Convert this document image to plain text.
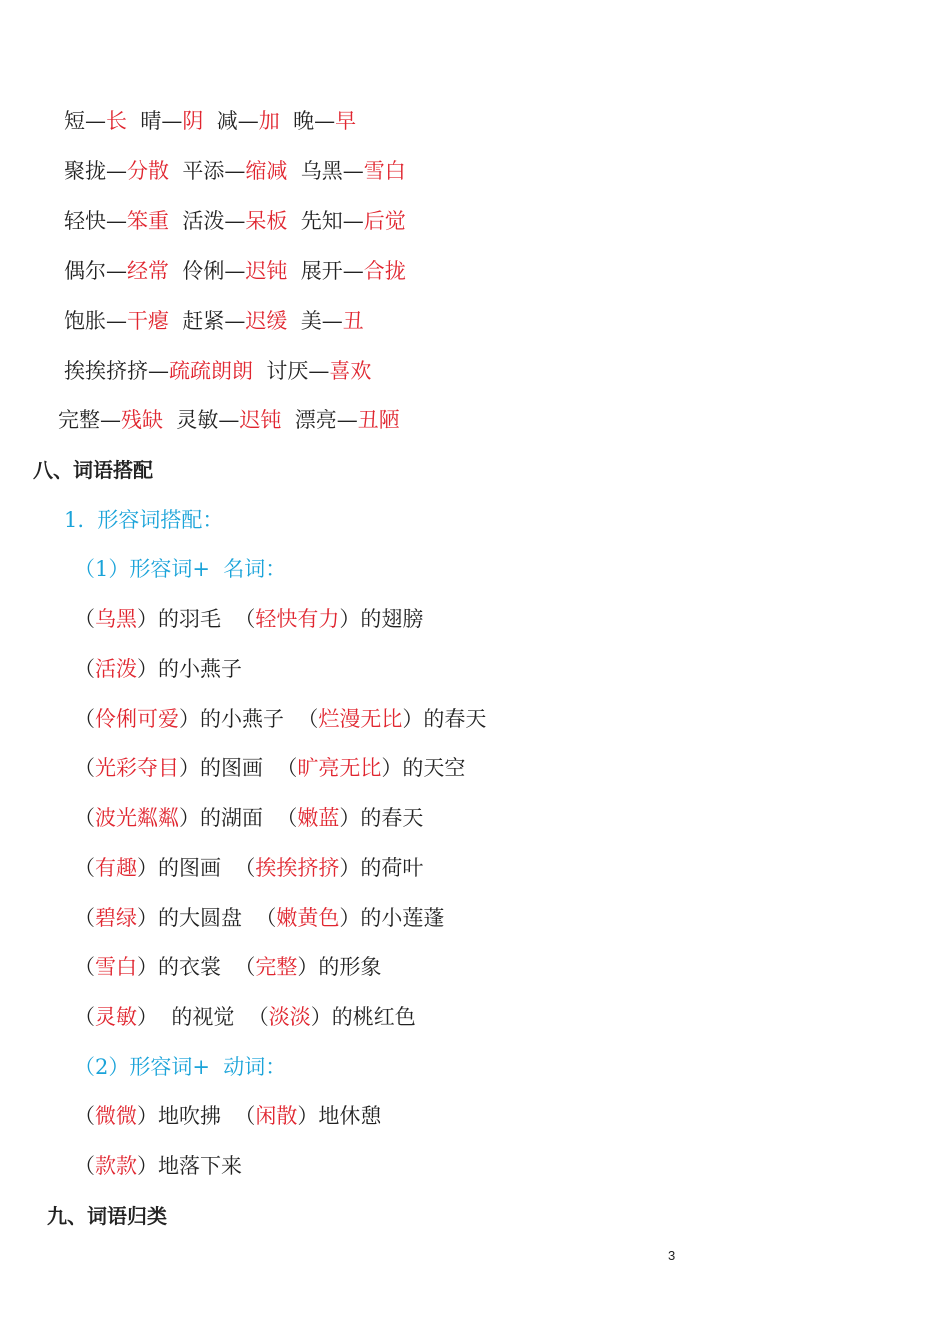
短—长  晴—阴  减—加  晚—早
聚拢—分散  平添—缩减  乌黑—雪白
轻快—笨重  活泼—呆板  先知—后觉
偶尔—经常  伶俐—迟钝  展开—合拢
饱胀—干瘪  赶紧—迟缓  美—丑
挨挨挤挤—疏疏朗朗  讨厌—喜欢
完整—残缺  灵敏—迟钝  漂亮—丑陋
八、词语搭配
1.  形容词搭配：
（1）形容词+  名词：
（乌黑）的羽毛  （轻快有力）的翅膀
（活泼）的小燕子
（伶俐可爱）的小燕子  （烂漫无比）的春天
（光彩夺目）的图画  （旷亮无比）的天空
（波光粼粼）的湖面  （嫩蓝）的春天
（有趣）的图画  （挨挨挤挤）的荷叶
（碧绿）的大圆盘  （嫩黄色）的小莲蓬
（雪白）的衣裳  （完整）的形象
（灵敏）  的视觉  （淡淡）的桃红色
（2）形容词+  动词：
（微微）地吹拂  （闲散）地休憩
（款款）地落下来
九、词语归类
3
